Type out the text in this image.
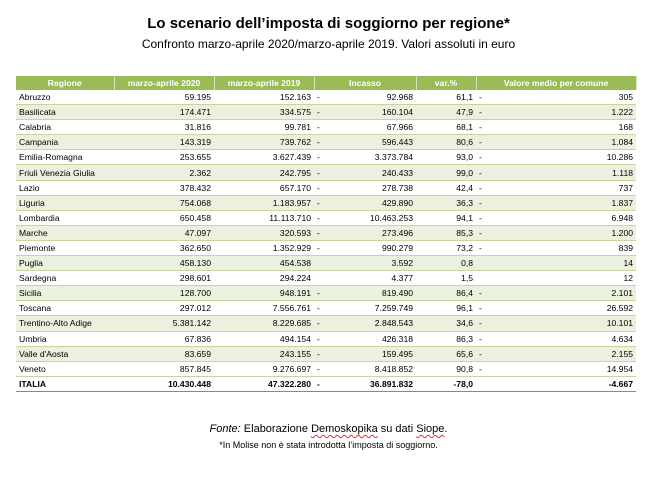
Lo scenario dell’imposta di soggiorno per regione*
Confronto marzo-aprile 2020/marzo-aprile 2019. Valori assoluti in euro
Regione	marzo-aprile 2020	marzo-aprile 2019	Incasso		var.%	Valore medio per comune	
Abruzzo	59.195	152.163	-	92.968	61,1	-	305
Basilicata	174.471	334.575	-	160.104	47,9	-	1.222
Calabria	31.816	99.781	-	67.966	68,1	-	168
Campania	143.319	739.762	-	596.443	80,6	-	1.084
Emilia-Romagna	253.655	3.627.439	-	3.373.784	93,0	-	10.286
Friuli Venezia Giulia	2.362	242.795	-	240.433	99,0	-	1.118
Lazio	378.432	657.170	-	278.738	42,4	-	737
Liguria	754.068	1.183.957	-	429.890	36,3	-	1.837
Lombardia	650.458	11.113.710	-	10.463.253	94,1	-	6.948
Marche	47.097	320.593	-	273.496	85,3	-	1.200
Piemonte	362.650	1.352.929	-	990.279	73,2	-	839
Puglia	458.130	454.538		3.592	0,8		14
Sardegna	298.601	294.224		4.377	1,5		12
Sicilia	128.700	948.191	-	819.490	86,4	-	2.101
Toscana	297.012	7.556.761	-	7.259.749	96,1	-	26.592
Trentino-Alto Adige	5.381.142	8.229.685	-	2.848.543	34,6	-	10.101
Umbria	67.836	494.154	-	426.318	86,3	-	4.634
Valle d'Aosta	83.659	243.155	-	159.495	65,6	-	2.155
Veneto	857.845	9.276.697	-	8.418.852	90,8	-	14.954
ITALIA	10.430.448	47.322.280	-	36.891.832	-78,0		-4.667
Fonte: Elaborazione Demoskopika su dati Siope.
*In Molise non è stata introdotta l’imposta di soggiorno.
